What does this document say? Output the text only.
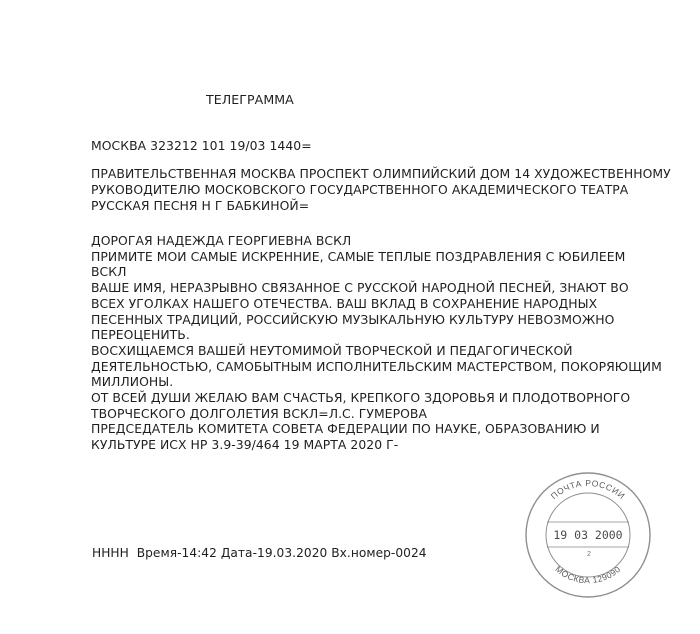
ТЕЛЕГРАММА
МОСКВА 323212 101 19/03 1440=
ПРАВИТЕЛЬСТВЕННАЯ МОСКВА ПРОСПЕКТ ОЛИМПИЙСКИЙ ДОМ 14 ХУДОЖЕСТВЕННОМУ
РУКОВОДИТЕЛЮ МОСКОВСКОГО ГОСУДАРСТВЕННОГО АКАДЕМИЧЕСКОГО ТЕАТРА
РУССКАЯ ПЕСНЯ Н Г БАБКИНОЙ=
ДОРОГАЯ НАДЕЖДА ГЕОРГИЕВНА ВСКЛ
ПРИМИТЕ МОИ САМЫЕ ИСКРЕННИЕ, САМЫЕ ТЕПЛЫЕ ПОЗДРАВЛЕНИЯ С ЮБИЛЕЕМ
ВСКЛ
ВАШЕ ИМЯ, НЕРАЗРЫВНО СВЯЗАННОЕ С РУССКОЙ НАРОДНОЙ ПЕСНЕЙ, ЗНАЮТ ВО
ВСЕХ УГОЛКАХ НАШЕГО ОТЕЧЕСТВА. ВАШ ВКЛАД В СОХРАНЕНИЕ НАРОДНЫХ
ПЕСЕННЫХ ТРАДИЦИЙ, РОССИЙСКУЮ МУЗЫКАЛЬНУЮ КУЛЬТУРУ НЕВОЗМОЖНО
ПЕРЕОЦЕНИТЬ.
ВОСХИЩАЕМСЯ ВАШЕЙ НЕУТОМИМОЙ ТВОРЧЕСКОЙ И ПЕДАГОГИЧЕСКОЙ
ДЕЯТЕЛЬНОСТЬЮ, САМОБЫТНЫМ ИСПОЛНИТЕЛЬСКИМ МАСТЕРСТВОМ, ПОКОРЯЮЩИМ
МИЛЛИОНЫ.
ОТ ВСЕЙ ДУШИ ЖЕЛАЮ ВАМ СЧАСТЬЯ, КРЕПКОГО ЗДОРОВЬЯ И ПЛОДОТВОРНОГО
ТВОРЧЕСКОГО ДОЛГОЛЕТИЯ ВСКЛ=Л.С. ГУМЕРОВА
ПРЕДСЕДАТЕЛЬ КОМИТЕТА СОВЕТА ФЕДЕРАЦИИ ПО НАУКЕ, ОБРАЗОВАНИЮ И
КУЛЬТУРЕ ИСХ НР 3.9-39/464 19 МАРТА 2020 Г-
НННН  Время-14:42 Дата-19.03.2020 Вх.номер-0024
ПОЧТА РОССИИ
19 03 2000
2
МОСКВА 129090
